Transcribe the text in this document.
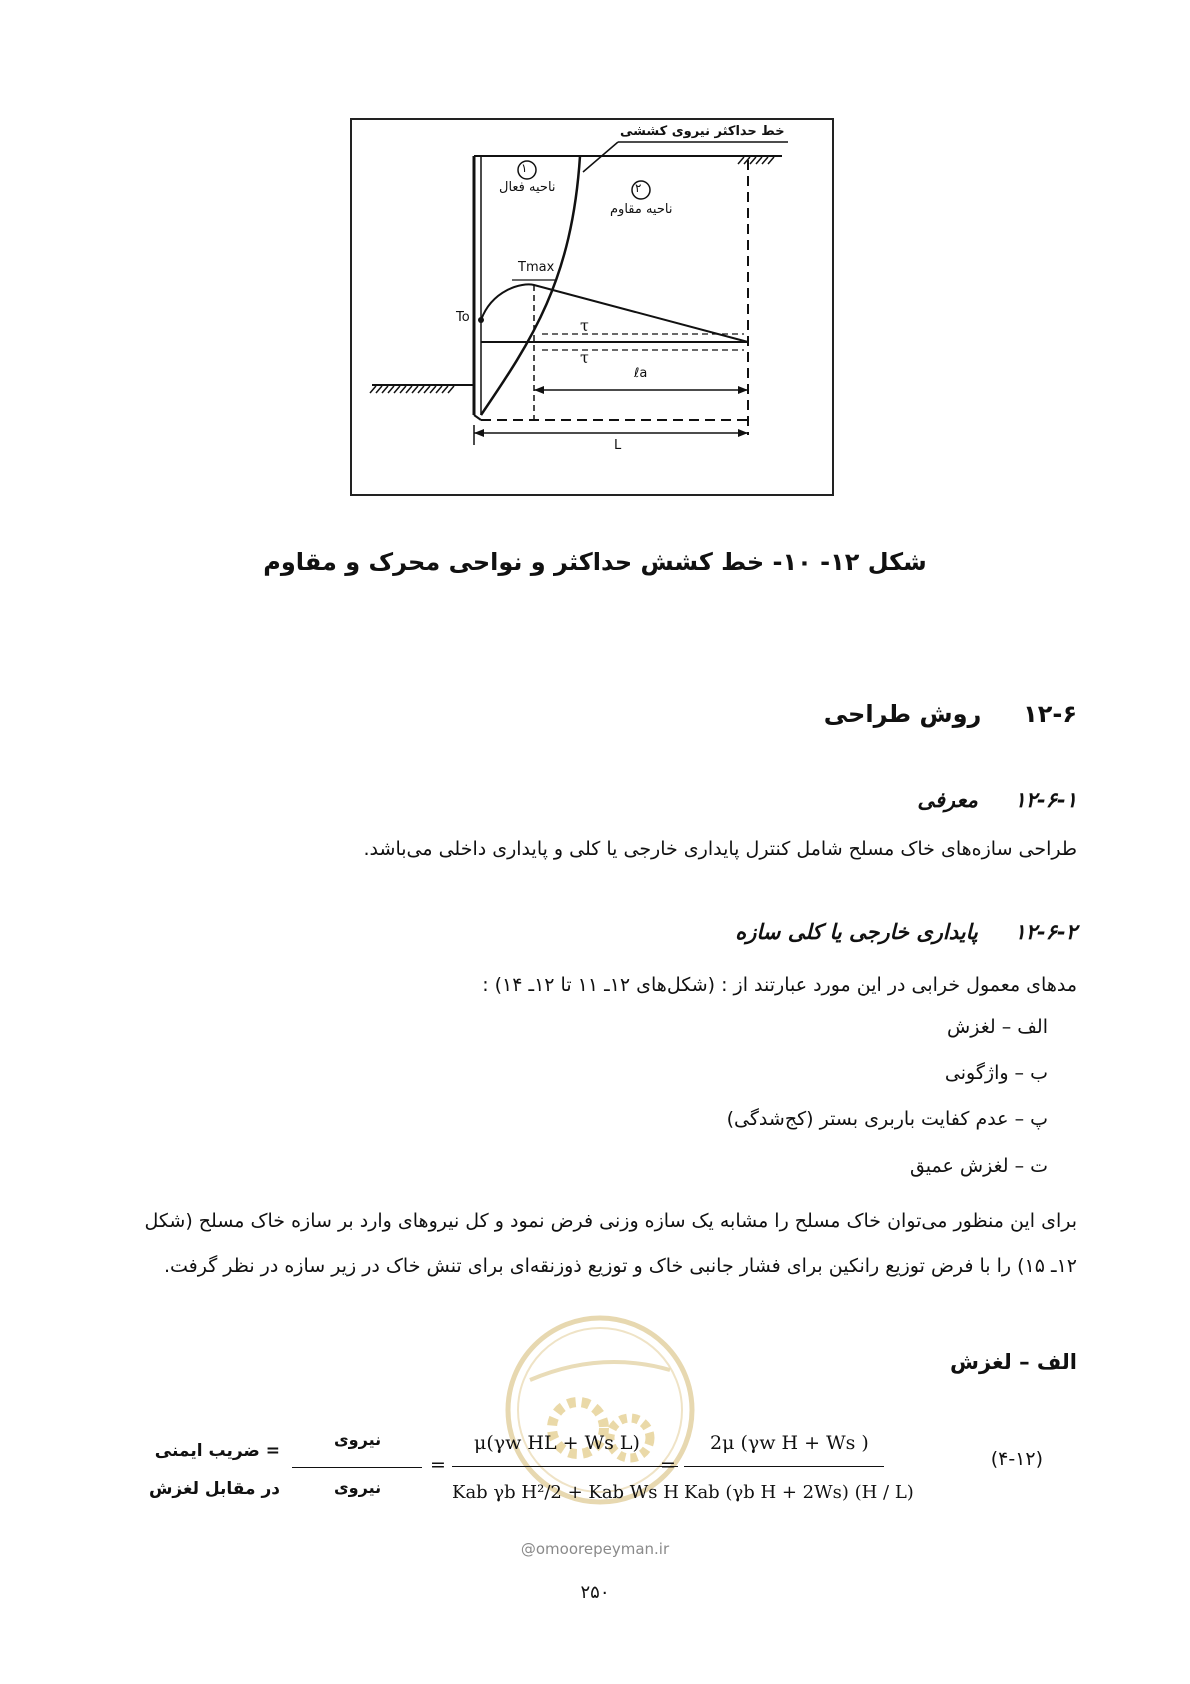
خط حداکثر نیروی کششی
۱
ناحیه فعال	۲
ناحیه مقاوم
Tmax
To	τ
τ
ℓa
L
شکل ۱۲- ۱۰- خط کشش حداکثر و نواحی محرک و مقاوم
۱۲-۶     روش طراحی
۱۲-۶-۱     معرفی
طراحی سازه‌های خاک مسلح شامل کنترل پایداری خارجی یا کلی و پایداری داخلی می‌باشد.
۱۲-۶-۲     پایداری خارجی یا کلی سازه
مدهای معمول خرابی در این مورد عبارتند از : (شکل‌های ۱۲ـ ۱۱ تا ۱۲ـ ۱۴) :
الف – لغزش
ب – واژگونی
پ – عدم کفایت باربری بستر (کج‌شدگی)
ت – لغزش عمیق
برای این منظور می‌توان خاک مسلح را مشابه یک سازه وزنی فرض نمود و کل نیروهای وارد بر سازه خاک مسلح (شکل
۱۲ـ ۱۵) را با فرض توزیع رانکین برای فشار جانبی خاک و توزیع ذوزنقه‌ای برای تنش خاک در زیر سازه در نظر گرفت.
الف – لغزش
(۴-۱۲)
= ضریب ایمنی
در مقابل لغزش
نیروی
نیروی
=
μ(γw HL + Ws L)
Kab γb H²/2 + Kab Ws H
=
2μ (γw H + Ws )
Kab (γb H + 2Ws) (H / L)
@omoorepeyman.ir
۲۵۰
